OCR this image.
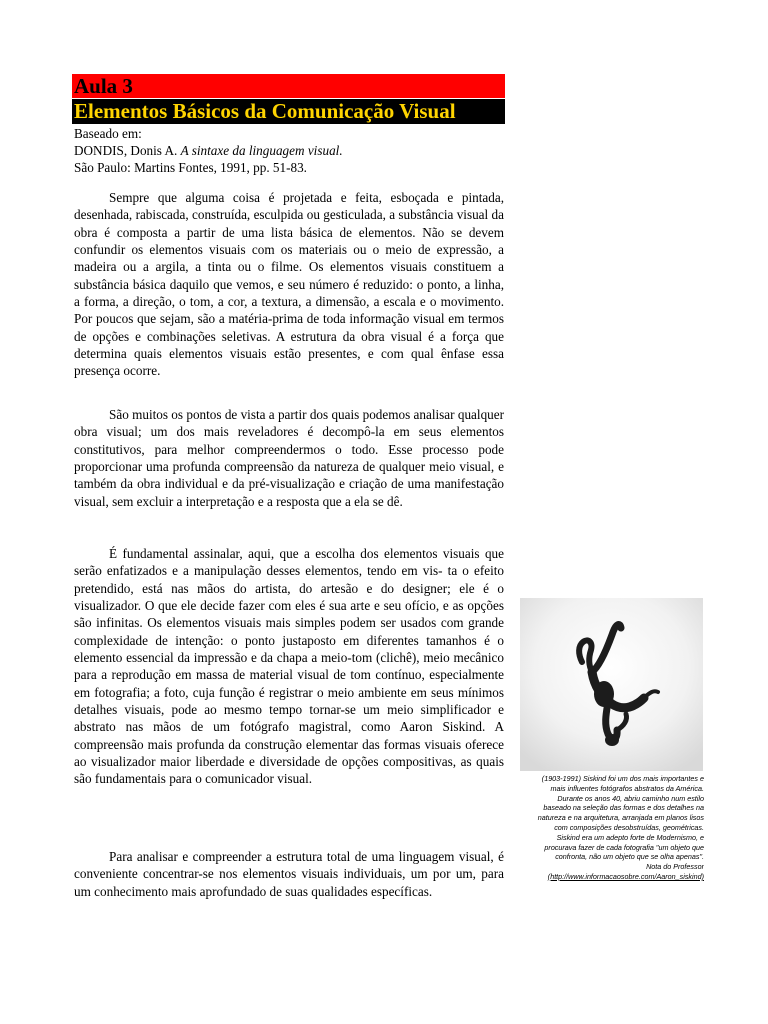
Aula 3
Elementos Básicos da Comunicação Visual
Baseado em:
DONDIS, Donis A. A sintaxe da linguagem visual.
São Paulo: Martins Fontes, 1991, pp. 51-83.

Sempre que alguma coisa é projetada e feita, esboçada e pintada, desenhada, rabiscada, construída, esculpida ou gesticulada, a substância visual da obra é composta a partir de uma lista básica de elementos. Não se devem confundir os elementos visuais com os materiais ou o meio de expressão, a madeira ou a argila, a tinta ou o filme. Os elementos visuais constituem a substância básica daquilo que vemos, e seu número é reduzido: o ponto, a linha, a forma, a direção, o tom, a cor, a textura, a dimensão, a escala e o movimento. Por poucos que sejam, são a matéria-prima de toda informação visual em termos de opções e combinações seletivas. A estrutura da obra visual é a força que determina quais elementos visuais estão presentes, e com qual ênfase essa presença ocorre.

São muitos os pontos de vista a partir dos quais podemos analisar qualquer obra visual; um dos mais reveladores é decompô-la em seus elementos constitutivos, para melhor compreendermos o todo. Esse processo pode proporcionar uma profunda compreensão da natureza de qualquer meio visual, e também da obra individual e da pré-visualização e criação de uma manifestação visual, sem excluir a interpretação e a resposta que a ela se dê.

É fundamental assinalar, aqui, que a escolha dos elementos visuais que serão enfatizados e a manipulação desses elementos, tendo em vis- ta o efeito pretendido, está nas mãos do artista, do artesão e do designer; ele é o visualizador. O que ele decide fazer com eles é sua arte e seu ofício, e as opções são infinitas. Os elementos visuais mais simples podem ser usados com grande complexidade de intenção: o ponto justaposto em diferentes tamanhos é o elemento essencial da impressão e da chapa a meio-tom (clichê), meio mecânico para a reprodução em massa de material visual de tom contínuo, especialmente em fotografia; a foto, cuja função é registrar o meio ambiente em seus mínimos detalhes visuais, pode ao mesmo tempo tornar-se um meio simplificador e abstrato nas mãos de um fotógrafo magistral, como Aaron Siskind. A compreensão mais profunda da construção elementar das formas visuais oferece ao visualizador maior liberdade e diversidade de opções compositivas, as quais são fundamentais para o comunicador visual.

Para analisar e compreender a estrutura total de uma linguagem visual, é conveniente concentrar-se nos elementos visuais individuais, um por um, para um conhecimento mais aprofundado de suas qualidades específicas.

(1903-1991) Siskind foi um dos mais importantes e
mais influentes fotógrafos abstratos da América.
Durante os anos 40, abriu caminho num estilo
baseado na seleção das formas e dos detalhes na
natureza e na arquitetura, arranjada em planos lisos
com composições desobstruídas, geométricas.
Siskind era um adepto forte de Modernismo, e
procurava fazer de cada fotografia "um objeto que
confronta, não um objeto que se olha apenas".
Nota do Professor
(http://www.informacaosobre.com/Aaron_siskind)
